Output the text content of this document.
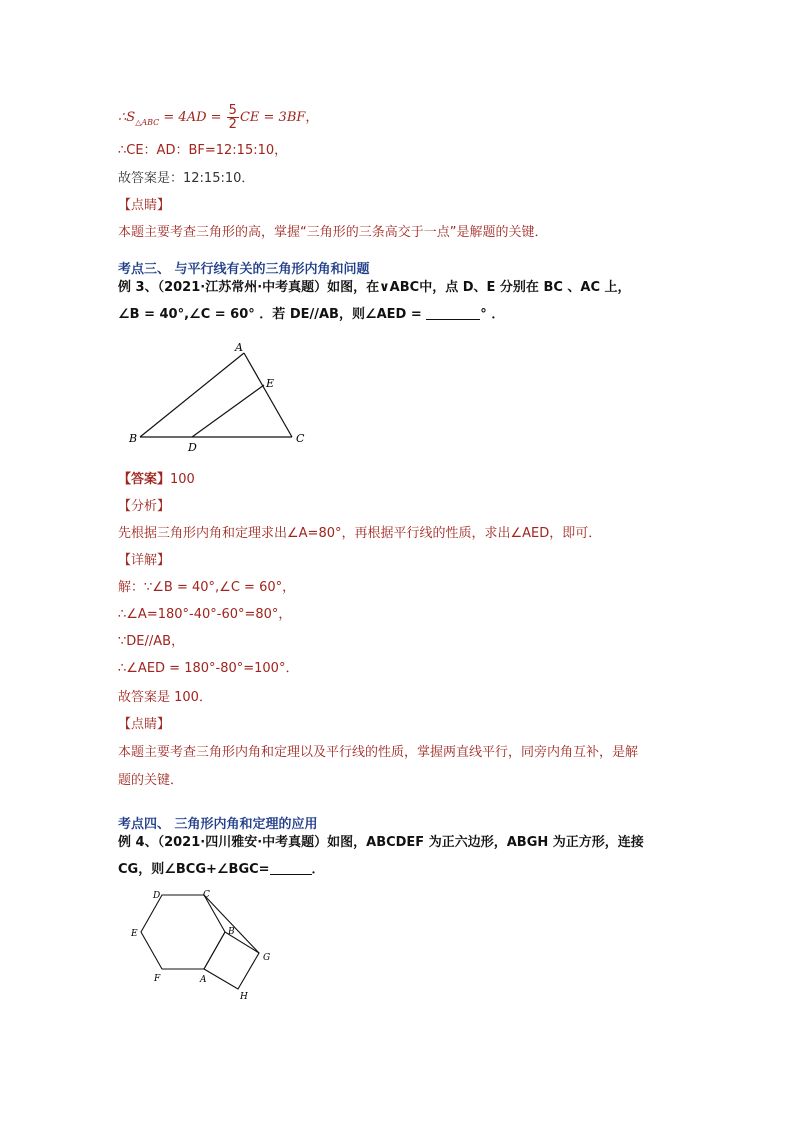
$\therefore S_{\triangle ABC} = 4AD = \frac{5}{2}$ CE = 3BF，
∴CE：AD：BF=12:15:10，
故答案是：12:15:10．
【点睛】
本题主要考查三角形的高，掌握“三角形的三条高交于一点”是解题的关键．
考点三、 与平行线有关的三角形内角和问题
例 3、（2021·江苏常州·中考真题）如图，在∨ABC中，点 D、E 分别在 BC 、AC 上，
∠B = 40°,∠C = 60° ．若 DE//AB，则∠AED =	° ．
A
E
B
D
C
【答案】100
【分析】
先根据三角形内角和定理求出∠A=80°，再根据平行线的性质，求出∠AED，即可．
【详解】
解：∵∠B = 40°,∠C = 60°，
∴∠A=180°-40°-60°=80°，
∵DE//AB，
∴∠AED = 180°-80°=100°．
故答案是 100．
【点睛】
本题主要考查三角形内角和定理以及平行线的性质，掌握两直线平行，同旁内角互补，是解
题的关键．
考点四、 三角形内角和定理的应用
例 4、（2021·四川雅安·中考真题）如图，ABCDEF 为正六边形，ABGH 为正方形，连接
CG，则∠BCG+∠BGC=	．
D	C
E	B
G
F	A
H
